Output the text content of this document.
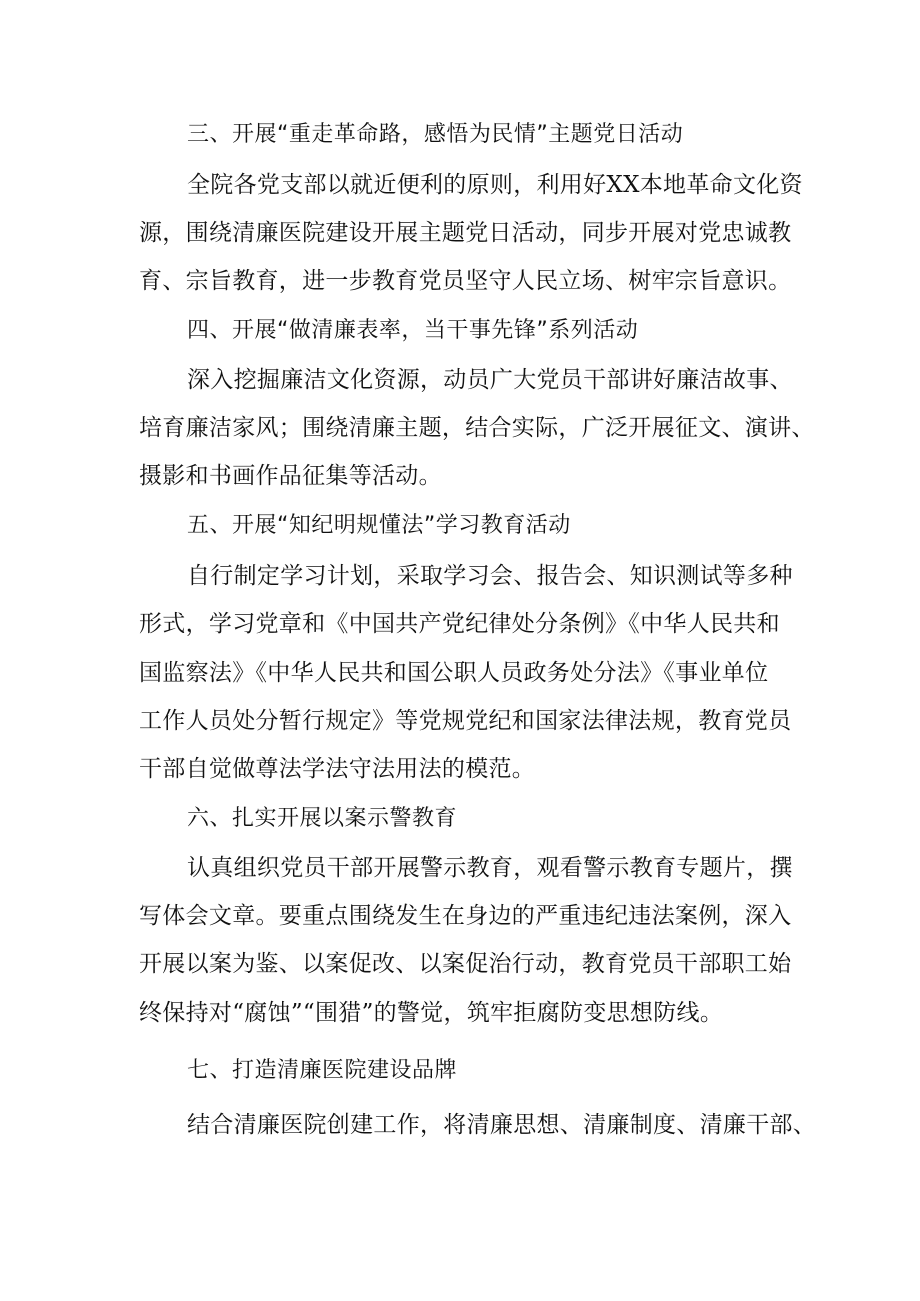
三、开展“重走革命路，感悟为民情”主题党日活动
全院各党支部以就近便利的原则，利用好XX本地革命文化资
源，围绕清廉医院建设开展主题党日活动，同步开展对党忠诚教
育、宗旨教育，进一步教育党员坚守人民立场、树牢宗旨意识。
四、开展“做清廉表率，当干事先锋”系列活动
深入挖掘廉洁文化资源，动员广大党员干部讲好廉洁故事、
培育廉洁家风；围绕清廉主题，结合实际，广泛开展征文、演讲、
摄影和书画作品征集等活动。
五、开展“知纪明规懂法”学习教育活动
自行制定学习计划，采取学习会、报告会、知识测试等多种
形式，学习党章和《中国共产党纪律处分条例》《中华人民共和
国监察法》《中华人民共和国公职人员政务处分法》《事业单位
工作人员处分暂行规定》等党规党纪和国家法律法规，教育党员
干部自觉做尊法学法守法用法的模范。
六、扎实开展以案示警教育
认真组织党员干部开展警示教育，观看警示教育专题片，撰
写体会文章。要重点围绕发生在身边的严重违纪违法案例，深入
开展以案为鉴、以案促改、以案促治行动，教育党员干部职工始
终保持对“腐蚀”“围猎”的警觉，筑牢拒腐防变思想防线。
七、打造清廉医院建设品牌
结合清廉医院创建工作，将清廉思想、清廉制度、清廉干部、
